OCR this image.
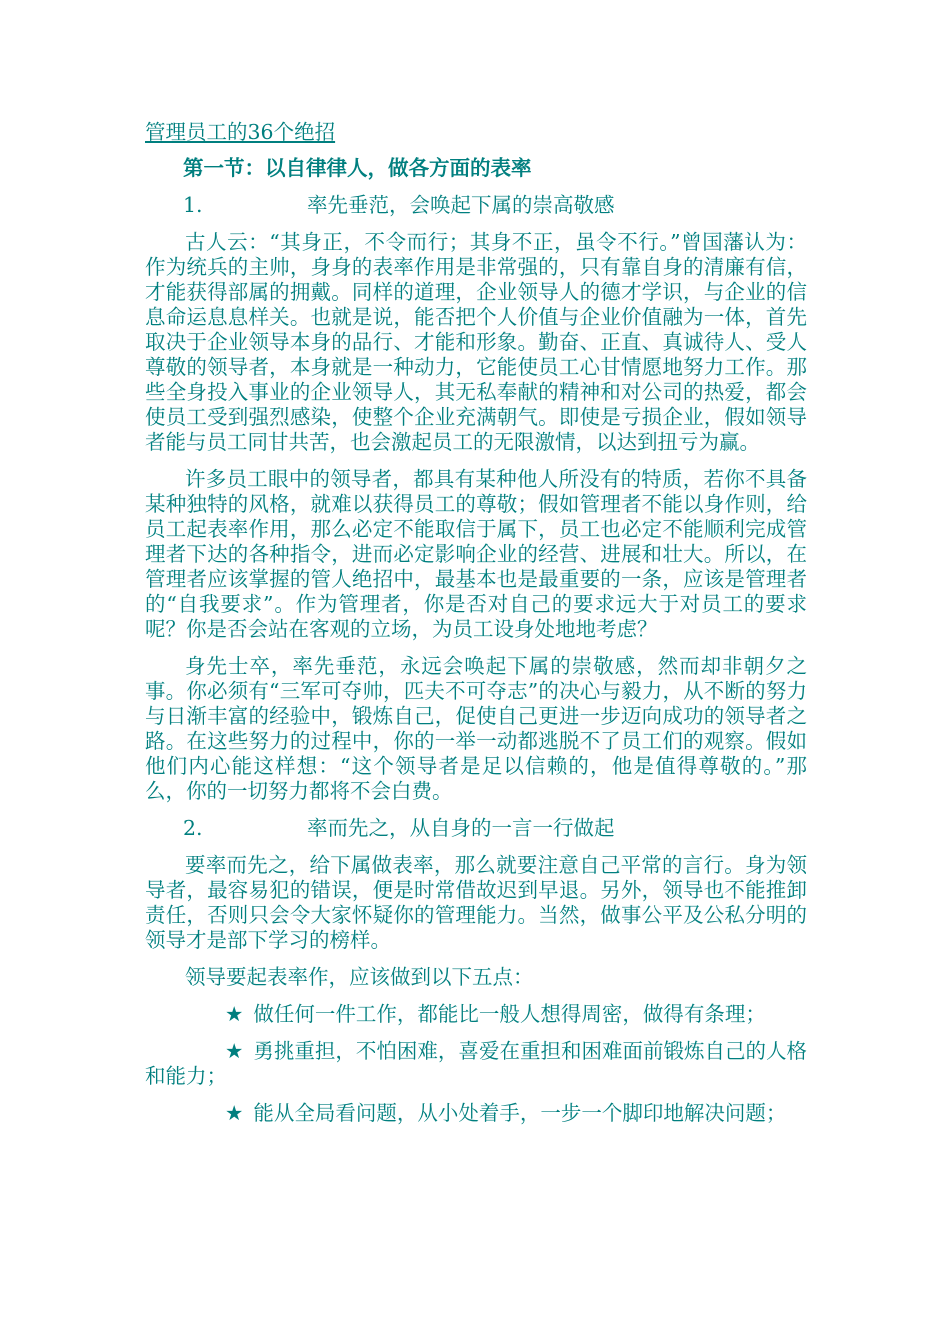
管理员工的36个绝招
第一节：以自律律人，做各方面的表率
1.	率先垂范，会唤起下属的崇高敬感

古人云：“其身正，不令而行；其身不正，虽令不行。”曾国藩认为：作为统兵的主帅，身身的表率作用是非常强的，只有靠自身的清廉有信，才能获得部属的拥戴。同样的道理，企业领导人的德才学识，与企业的信息命运息息样关。也就是说，能否把个人价值与企业价值融为一体，首先取决于企业领导本身的品行、才能和形象。勤奋、正直、真诚待人、受人尊敬的领导者，本身就是一种动力，它能使员工心甘情愿地努力工作。那些全身投入事业的企业领导人，其无私奉献的精神和对公司的热爱，都会使员工受到强烈感染，使整个企业充满朝气。即使是亏损企业，假如领导者能与员工同甘共苦，也会激起员工的无限激情，以达到扭亏为赢。

许多员工眼中的领导者，都具有某种他人所没有的特质，若你不具备某种独特的风格，就难以获得员工的尊敬；假如管理者不能以身作则，给员工起表率作用，那么必定不能取信于属下，员工也必定不能顺利完成管理者下达的各种指令，进而必定影响企业的经营、进展和壮大。所以，在管理者应该掌握的管人绝招中，最基本也是最重要的一条，应该是管理者的“自我要求”。作为管理者，你是否对自己的要求远大于对员工的要求呢？你是否会站在客观的立场，为员工设身处地地考虑？

身先士卒，率先垂范，永远会唤起下属的崇敬感，然而却非朝夕之事。你必须有“三军可夺帅，匹夫不可夺志”的决心与毅力，从不断的努力与日渐丰富的经验中，锻炼自己，促使自己更进一步迈向成功的领导者之路。在这些努力的过程中，你的一举一动都逃脱不了员工们的观察。假如他们内心能这样想：“这个领导者是足以信赖的，他是值得尊敬的。”那么，你的一切努力都将不会白费。

2.	率而先之，从自身的一言一行做起

要率而先之，给下属做表率，那么就要注意自己平常的言行。身为领导者，最容易犯的错误，便是时常借故迟到早退。另外，领导也不能推卸责任，否则只会令大家怀疑你的管理能力。当然，做事公平及公私分明的领导才是部下学习的榜样。

领导要起表率作，应该做到以下五点：

★ 做任何一件工作，都能比一般人想得周密，做得有条理；

★ 勇挑重担，不怕困难，喜爱在重担和困难面前锻炼自己的人格和能力；

★ 能从全局看问题，从小处着手，一步一个脚印地解决问题；
